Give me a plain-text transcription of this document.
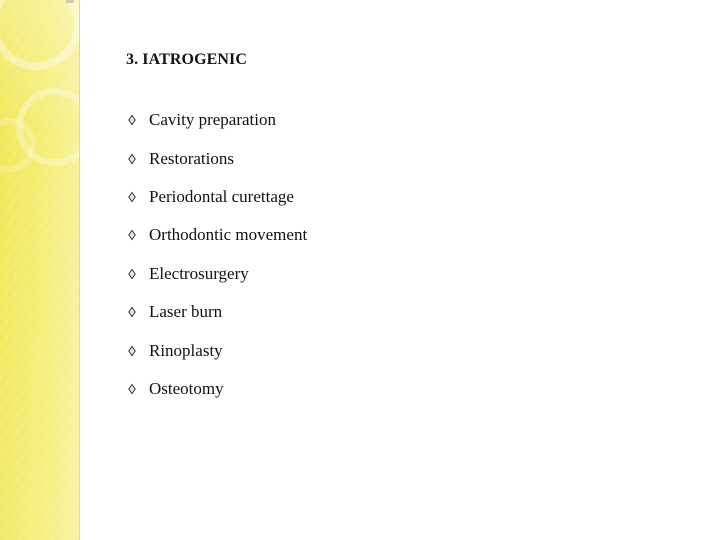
3. IATROGENIC
Cavity preparation
Restorations
Periodontal curettage
Orthodontic movement
Electrosurgery
Laser burn
Rinoplasty
Osteotomy
